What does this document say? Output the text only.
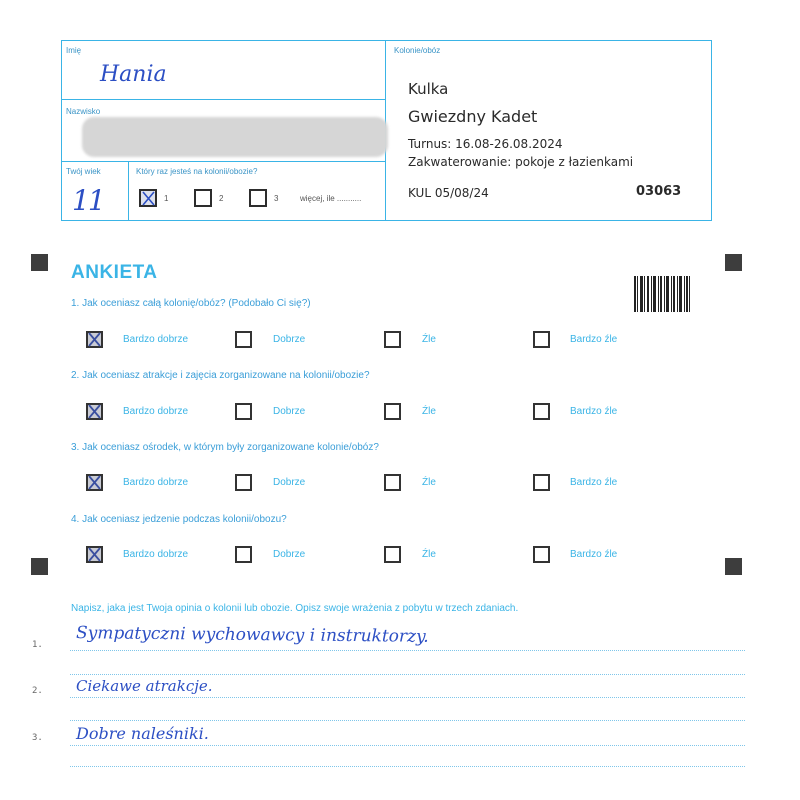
Imię
Hania
Nazwisko
Twój wiek
11
Który raz jesteś na kolonii/obozie?
1	2	3	więcej, ile ...........
Kolonie/obóz
Kulka
Gwiezdny Kadet
Turnus: 16.08-26.08.2024
Zakwaterowanie: pokoje z łazienkami
KUL 05/08/24	03063
ANKIETA
1. Jak oceniasz całą kolonię/obóz? (Podobało Ci się?)
2. Jak oceniasz atrakcje i zajęcia zorganizowane na kolonii/obozie?
3. Jak oceniasz ośrodek, w którym były zorganizowane kolonie/obóz?
4. Jak oceniasz jedzenie podczas kolonii/obozu?
Bardzo dobrze	Dobrze	Źle	Bardzo źle
Bardzo dobrze	Dobrze	Źle	Bardzo źle
Bardzo dobrze	Dobrze	Źle	Bardzo źle
Bardzo dobrze	Dobrze	Źle	Bardzo źle
Napisz, jaka jest Twoja opinia o kolonii lub obozie. Opisz swoje wrażenia z pobytu w trzech zdaniach.
1. Sympatyczni wychowawcy i instruktorzy.
2. Ciekawe atrakcje.
3. Dobre naleśniki.
